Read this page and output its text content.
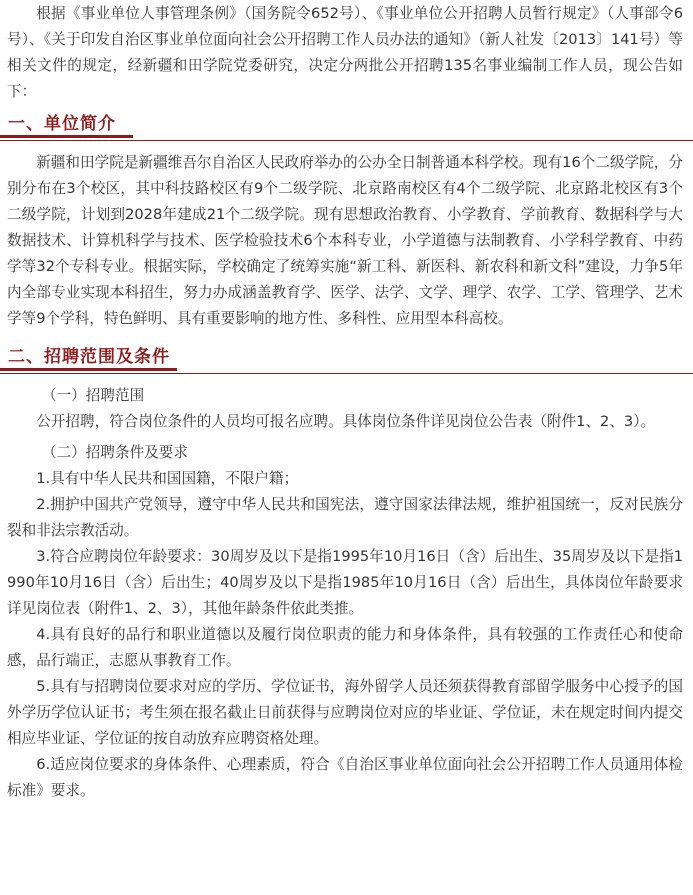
根据《事业单位人事管理条例》（国务院令652号）、《事业单位公开招聘人员暂行规定》（人事部令6号）、《关于印发自治区事业单位面向社会公开招聘工作人员办法的通知》（新人社发〔2013〕141号）等相关文件的规定，经新疆和田学院党委研究，决定分两批公开招聘135名事业编制工作人员，现公告如下：

一、单位简介

新疆和田学院是新疆维吾尔自治区人民政府举办的公办全日制普通本科学校。现有16个二级学院，分别分布在3个校区，其中科技路校区有9个二级学院、北京路南校区有4个二级学院、北京路北校区有3个二级学院，计划到2028年建成21个二级学院。现有思想政治教育、小学教育、学前教育、数据科学与大数据技术、计算机科学与技术、医学检验技术6个本科专业，小学道德与法制教育、小学科学教育、中药学等32个专科专业。根据实际，学校确定了统筹实施“新工科、新医科、新农科和新文科”建设，力争5年内全部专业实现本科招生，努力办成涵盖教育学、医学、法学、文学、理学、农学、工学、管理学、艺术学等9个学科，特色鲜明、具有重要影响的地方性、多科性、应用型本科高校。

二、招聘范围及条件

（一）招聘范围

公开招聘，符合岗位条件的人员均可报名应聘。具体岗位条件详见岗位公告表（附件1、2、3）。

（二）招聘条件及要求

1.具有中华人民共和国国籍，不限户籍；

2.拥护中国共产党领导，遵守中华人民共和国宪法，遵守国家法律法规，维护祖国统一，反对民族分裂和非法宗教活动。

3.符合应聘岗位年龄要求：30周岁及以下是指1995年10月16日（含）后出生、35周岁及以下是指1990年10月16日（含）后出生；40周岁及以下是指1985年10月16日（含）后出生，具体岗位年龄要求详见岗位表（附件1、2、3），其他年龄条件依此类推。

4.具有良好的品行和职业道德以及履行岗位职责的能力和身体条件，具有较强的工作责任心和使命感，品行端正，志愿从事教育工作。

5.具有与招聘岗位要求对应的学历、学位证书，海外留学人员还须获得教育部留学服务中心授予的国外学历学位认证书；考生须在报名截止日前获得与应聘岗位对应的毕业证、学位证，未在规定时间内提交相应毕业证、学位证的按自动放弃应聘资格处理。

6.适应岗位要求的身体条件、心理素质，符合《自治区事业单位面向社会公开招聘工作人员通用体检标准》要求。
